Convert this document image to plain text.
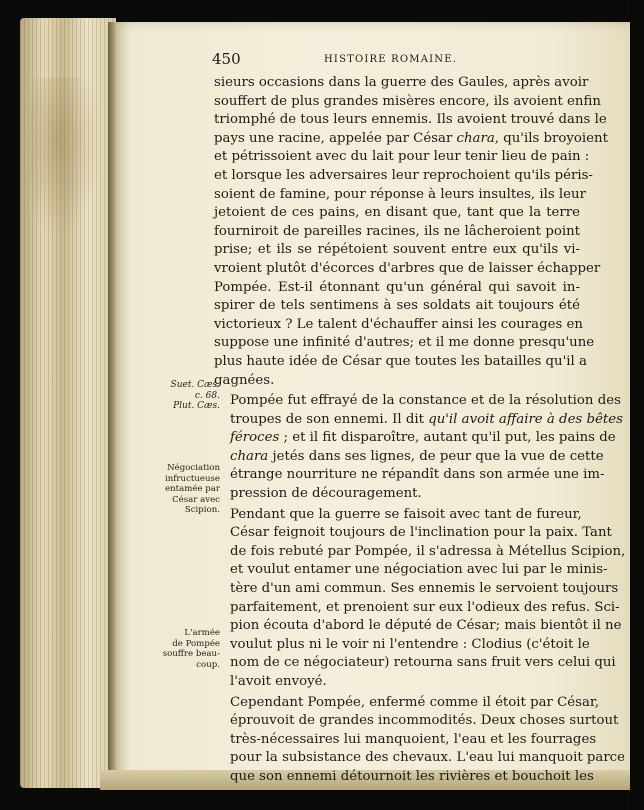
450	HISTOIRE ROMAINE.

sieurs occasions dans la guerre des Gaules, après avoir
souffert de plus grandes misères encore, ils avoient enfin
triomphé de tous leurs ennemis. Ils avoient trouvé dans le
pays une racine, appelée par César chara, qu'ils broyoient
et pétrissoient avec du lait pour leur tenir lieu de pain :
et lorsque les adversaires leur reprochoient qu'ils péris-
soient de famine, pour réponse à leurs insultes, ils leur
jetoient de ces pains, en disant que, tant que la terre
fourniroit de pareilles racines, ils ne lâcheroient point
prise; et ils se répétoient souvent entre eux qu'ils vi-
vroient plutôt d'écorces d'arbres que de laisser échapper
Pompée. Est-il étonnant qu'un général qui savoit in-
spirer de tels sentimens à ses soldats ait toujours été
victorieux ? Le talent d'échauffer ainsi les courages en
suppose une infinité d'autres; et il me donne presqu'une
plus haute idée de César que toutes les batailles qu'il a
gagnées.

Pompée fut effrayé de la constance et de la résolution des
troupes de son ennemi. Il dit qu'il avoit affaire à des bêtes
féroces ; et il fit disparoître, autant qu'il put, les pains de
chara jetés dans ses lignes, de peur que la vue de cette
étrange nourriture ne répandît dans son armée une im-
pression de découragement.

Pendant que la guerre se faisoit avec tant de fureur,
César feignoit toujours de l'inclination pour la paix. Tant
de fois rebuté par Pompée, il s'adressa à Métellus Scipion,
et voulut entamer une négociation avec lui par le minis-
tère d'un ami commun. Ses ennemis le servoient toujours
parfaitement, et prenoient sur eux l'odieux des refus. Sci-
pion écouta d'abord le député de César; mais bientôt il ne
voulut plus ni le voir ni l'entendre : Clodius (c'étoit le
nom de ce négociateur) retourna sans fruit vers celui qui
l'avoit envoyé.

Cependant Pompée, enfermé comme il étoit par César,
éprouvoit de grandes incommodités. Deux choses surtout
très-nécessaires lui manquoient, l'eau et les fourrages
pour la subsistance des chevaux. L'eau lui manquoit parce
que son ennemi détournoit les rivières et bouchoit les

Suet. Cæs.
c. 68.
Plut. Cæs.
Négociation
infructueuse
entamée par
César avec
Scipion.
L'armée
de Pompée
souffre beau-
coup.
